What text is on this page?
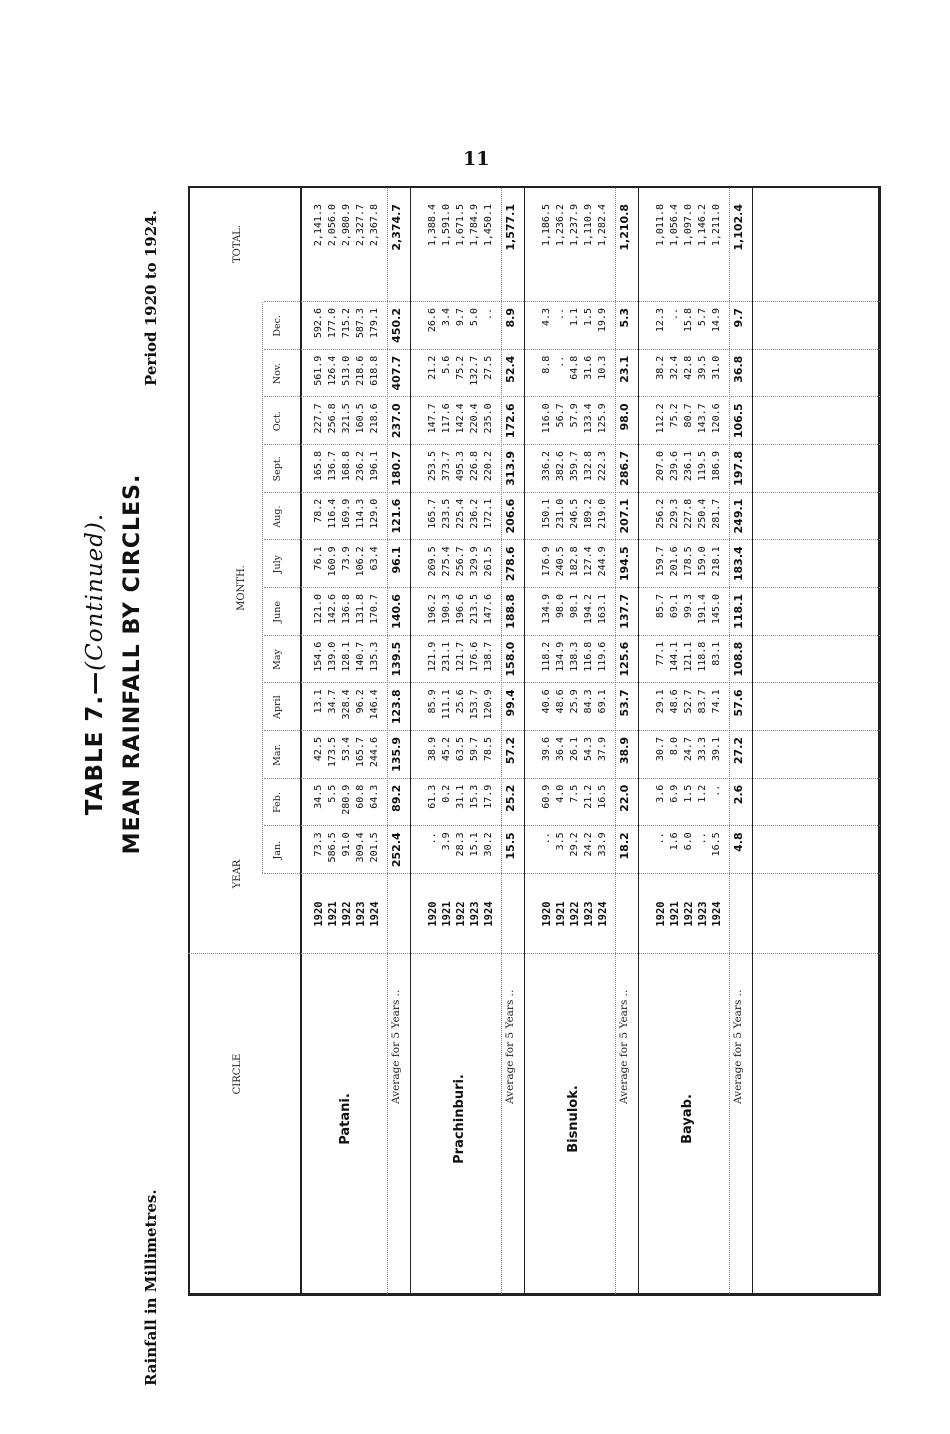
11
TABLE 7.—(Continued). MEAN RAINFALL BY CIRCLES.
Rainfall in Millimetres.
Period 1920 to 1924.
CIRCLE
YEAR
MONTH.
TOTAL.
Jan.
Feb.
Mar.
April
May
June
July
Aug.
Sept.
Oct.
Nov.
Dec.
Patani.
1920 1921 1922 1923 1924
73.3 586.5 91.0 309.4 201.5
34.5 5.5 280.9 60.8 64.3
42.5 173.5 53.4 165.7 244.6
13.1 34.7 328.4 96.2 146.4
154.6 139.0 128.1 140.7 135.3
121.0 142.6 136.8 131.8 170.7
76.1 160.9 73.9 106.2 63.4
78.2 116.4 169.9 114.3 129.0
165.8 136.7 168.8 236.2 196.1
227.7 256.8 321.5 160.5 218.6
561.9 126.4 513.0 218.6 618.8
592.6 177.0 715.2 587.3 179.1
2,141.3 2,056.0 2,980.9 2,327.7 2,367.8
Average for 5 Years ..
252.4
89.2
135.9
123.8
139.5
140.6
96.1
121.6
180.7
237.0
407.7
450.2
2,374.7
Prachinburi.
1920 1921 1922 1923 1924
.. 3.9 28.3 15.1 30.2
61.3 0.2 31.1 15.3 17.9
38.9 45.2 63.5 59.7 78.5
85.9 111.1 25.6 153.7 120.9
121.9 231.1 121.7 176.6 138.7
196.2 190.3 196.6 213.5 147.6
269.5 275.4 256.7 329.9 261.5
165.7 233.5 225.4 236.2 172.1
253.5 373.7 495.3 226.8 220.2
147.7 117.6 142.4 220.4 235.0
21.2 5.6 75.2 132.7 27.5
26.6 3.4 9.7 5.0 ..
1,388.4 1,591.0 1,671.5 1,784.9 1,450.1
Average for 5 Years ..
15.5
25.2
57.2
99.4
158.0
188.8
278.6
206.6
313.9
172.6
52.4
8.9
1,577.1
Bisnulok.
1920 1921 1922 1923 1924
.. 3.5 29.2 24.2 33.9
60.9 4.0 7.5 21.2 16.5
39.6 36.4 26.1 54.3 37.9
40.6 48.6 25.9 84.3 69.1
118.2 134.9 138.3 116.8 119.6
134.9 98.0 98.1 194.2 163.1
176.9 240.5 182.8 127.4 244.9
150.1 231.0 246.5 189.2 219.0
336.2 382.6 359.7 132.8 222.3
116.0 56.7 57.9 133.4 125.9
8.8 .. 64.8 31.6 10.3
4.3 .. 1.1 1.5 19.9
1,186.5 1,236.2 1,237.9 1,110.9 1,282.4
Average for 5 Years ..
18.2
22.0
38.9
53.7
125.6
137.7
194.5
207.1
286.7
98.0
23.1
5.3
1,210.8
Bayab.
1920 1921 1922 1923 1924
.. 1.6 6.0 .. 16.5
3.6 6.9 1.5 1.2 ..
30.7 8.0 24.7 33.3 39.1
29.1 48.6 52.7 83.7 74.1
77.1 144.1 121.1 118.8 83.1
85.7 69.1 99.3 191.4 145.0
159.7 201.6 178.5 159.0 218.1
256.2 229.3 227.8 250.4 281.7
207.0 239.6 236.1 119.5 186.9
112.2 75.2 80.7 143.7 120.6
38.2 32.4 42.8 39.5 31.0
12.3 .. 15.8 5.7 14.9
1,011.8 1,056.4 1,097.0 1,146.2 1,211.0
Average for 5 Years ..
4.8
2.6
27.2
57.6
108.8
118.1
183.4
249.1
197.8
106.5
36.8
9.7
1,102.4
